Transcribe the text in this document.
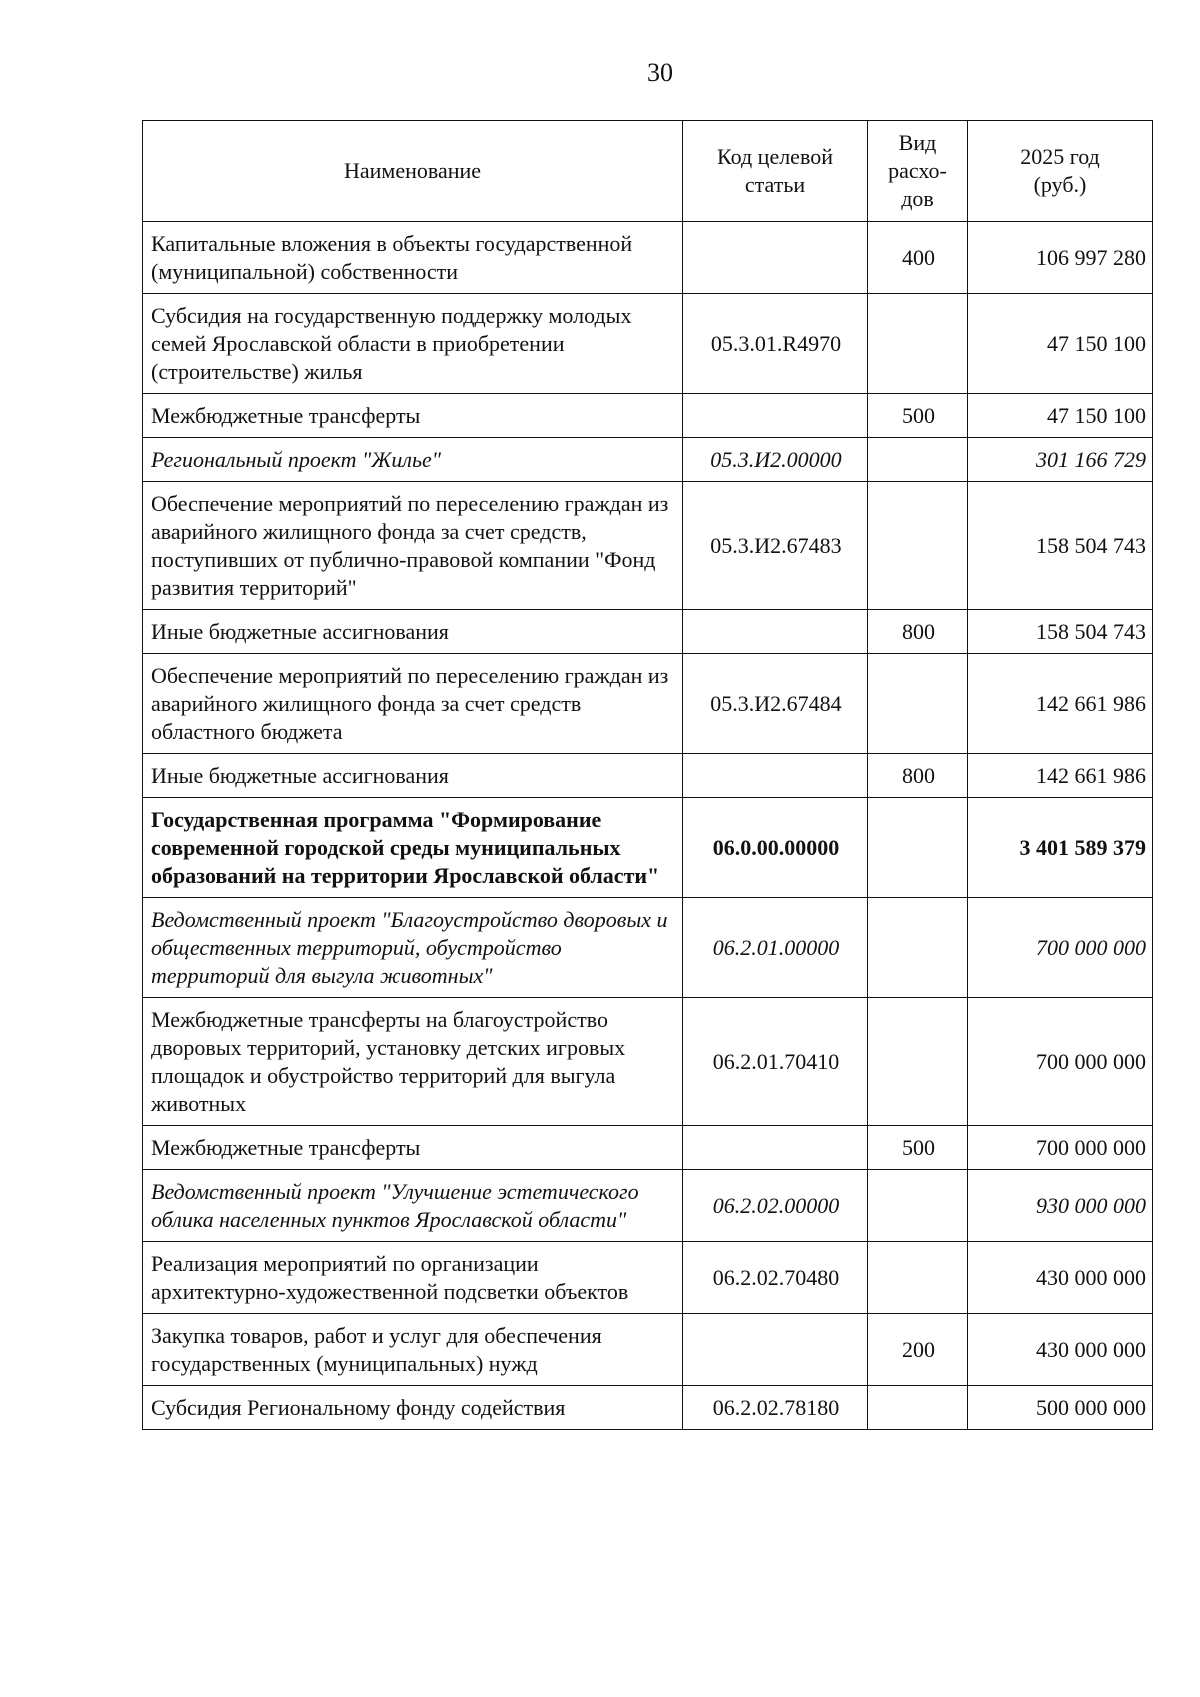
30
Наименование	Код целевой статьи	Вид расхо-дов	2025 год (руб.)

Капитальные вложения в объекты государственной (муниципальной) собственности		400	106 997 280
Субсидия на государственную поддержку молодых семей Ярославской области в приобретении (строительстве) жилья	05.3.01.R4970		47 150 100
Межбюджетные трансферты		500	47 150 100
Региональный проект "Жилье"	05.3.И2.00000		301 166 729
Обеспечение мероприятий по переселению граждан из аварийного жилищного фонда за счет средств, поступивших от публично-правовой компании "Фонд развития территорий"	05.3.И2.67483		158 504 743
Иные бюджетные ассигнования		800	158 504 743
Обеспечение мероприятий по переселению граждан из аварийного жилищного фонда за счет средств областного бюджета	05.3.И2.67484		142 661 986
Иные бюджетные ассигнования		800	142 661 986
Государственная программа "Формирование современной городской среды муниципальных образований на территории Ярославской области"	06.0.00.00000		3 401 589 379
Ведомственный проект "Благоустройство дворовых и общественных территорий, обустройство территорий для выгула животных"	06.2.01.00000		700 000 000
Межбюджетные трансферты на благоустройство дворовых территорий, установку детских игровых площадок и обустройство территорий для выгула животных	06.2.01.70410		700 000 000
Межбюджетные трансферты		500	700 000 000
Ведомственный проект "Улучшение эстетического облика населенных пунктов Ярославской области"	06.2.02.00000		930 000 000
Реализация мероприятий по организации архитектурно-художественной подсветки объектов	06.2.02.70480		430 000 000
Закупка товаров, работ и услуг для обеспечения государственных (муниципальных) нужд		200	430 000 000
Субсидия Региональному фонду содействия	06.2.02.78180		500 000 000
